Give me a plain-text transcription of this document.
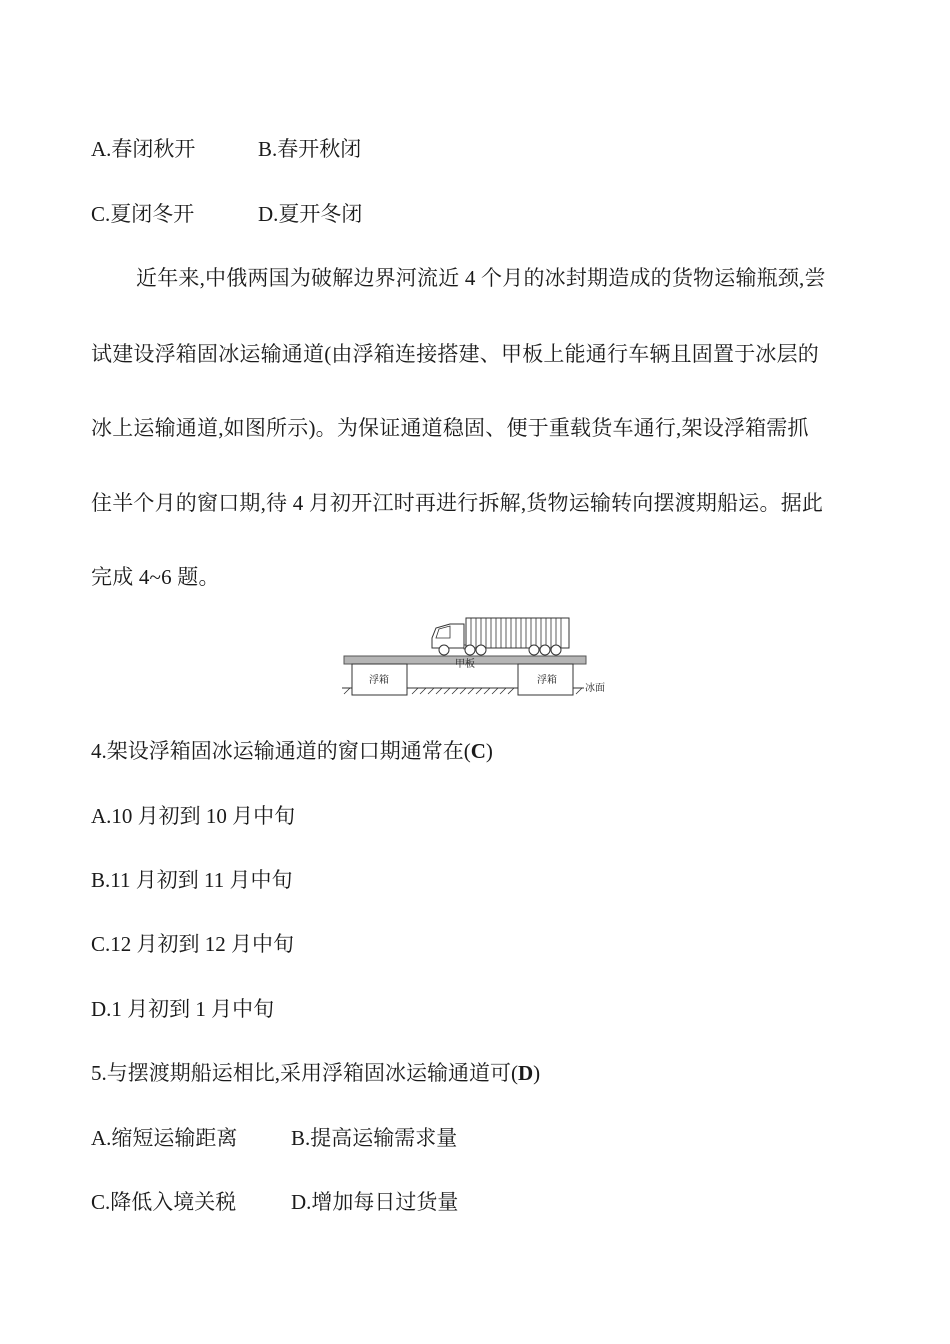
A.春闭秋开	B.春开秋闭
C.夏闭冬开	D.夏开冬闭
近年来,中俄两国为破解边界河流近 4 个月的冰封期造成的货物运输瓶颈,尝
试建设浮箱固冰运输通道(由浮箱连接搭建、甲板上能通行车辆且固置于冰层的
冰上运输通道,如图所示)。为保证通道稳固、便于重载货车通行,架设浮箱需抓
住半个月的窗口期,待 4 月初开江时再进行拆解,货物运输转向摆渡期船运。据此
完成 4~6 题。
甲板
浮箱	浮箱
冰面
4.架设浮箱固冰运输通道的窗口期通常在(C)
A.10 月初到 10 月中旬
B.11 月初到 11 月中旬
C.12 月初到 12 月中旬
D.1 月初到 1 月中旬
5.与摆渡期船运相比,采用浮箱固冰运输通道可(D)
A.缩短运输距离	B.提高运输需求量
C.降低入境关税	D.增加每日过货量
